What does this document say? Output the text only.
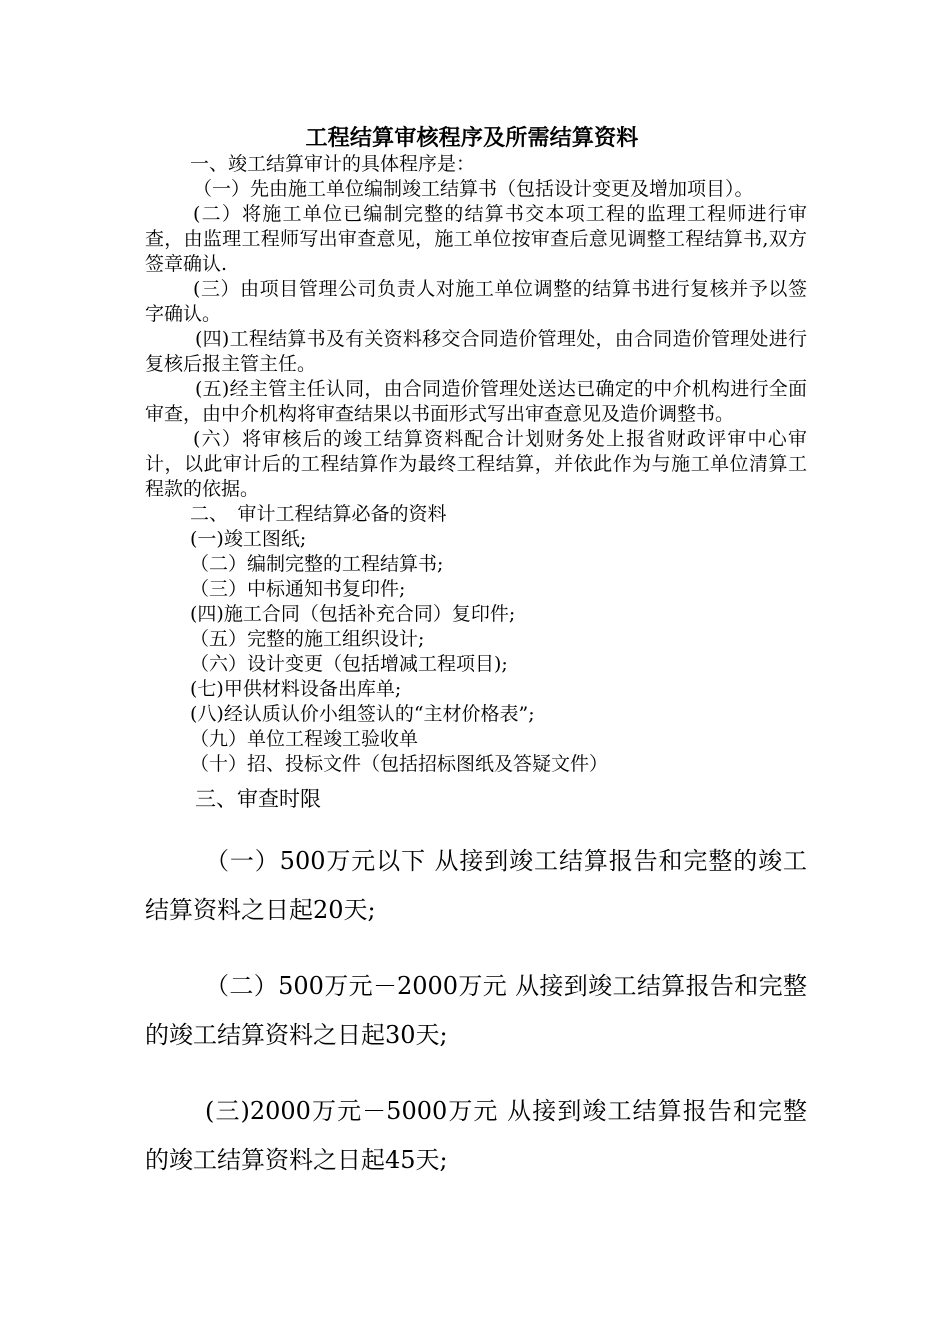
工程结算审核程序及所需结算资料

一、竣工结算审计的具体程序是：

（一）先由施工单位编制竣工结算书（包括设计变更及增加项目）。

(二）将施工单位已编制完整的结算书交本项工程的监理工程师进行审查，由监理工程师写出审查意见，施工单位按审查后意见调整工程结算书,双方签章确认.

(三）由项目管理公司负责人对施工单位调整的结算书进行复核并予以签字确认。

(四)工程结算书及有关资料移交合同造价管理处，由合同造价管理处进行复核后报主管主任。

(五)经主管主任认同，由合同造价管理处送达已确定的中介机构进行全面审查，由中介机构将审查结果以书面形式写出审查意见及造价调整书。

(六）将审核后的竣工结算资料配合计划财务处上报省财政评审中心审计，以此审计后的工程结算作为最终工程结算，并依此作为与施工单位清算工程款的依据。

二、　审计工程结算必备的资料

(一)竣工图纸;

（二）编制完整的工程结算书;

（三）中标通知书复印件;

(四)施工合同（包括补充合同）复印件;

（五）完整的施工组织设计;

（六）设计变更（包括增减工程项目);

(七)甲供材料设备出库单;

(八)经认质认价小组签认的“主材价格表”;

（九）单位工程竣工验收单

（十）招、投标文件（包括招标图纸及答疑文件）

三、审查时限

（一）500万元以下 从接到竣工结算报告和完整的竣工结算资料之日起20天;

（二）500万元－2000万元 从接到竣工结算报告和完整的竣工结算资料之日起30天;

(三)2000万元－5000万元 从接到竣工结算报告和完整的竣工结算资料之日起45天;
